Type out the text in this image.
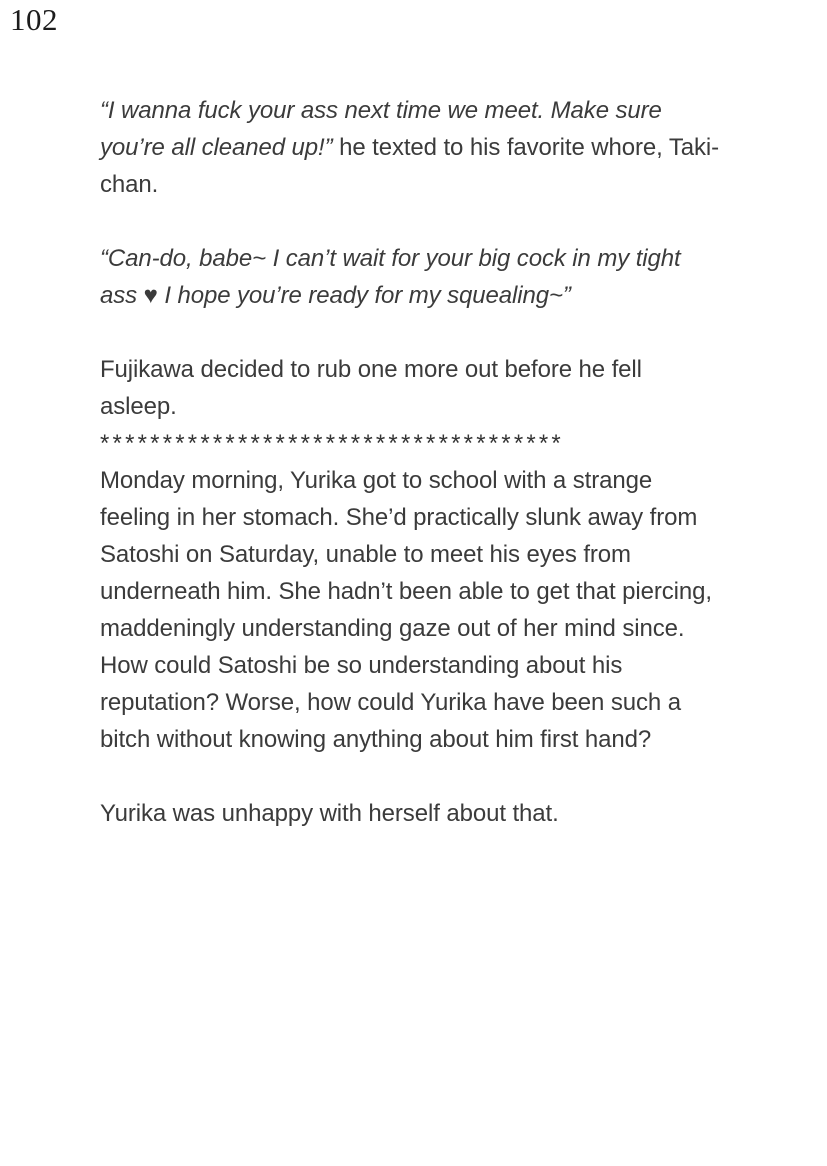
102

“I wanna fuck your ass next time we meet. Make sure you’re all cleaned up!” he texted to his favorite whore, Taki-chan.

“Can-do, babe~ I can’t wait for your big cock in my tight ass ♥ I hope you’re ready for my squealing~”

Fujikawa decided to rub one more out before he fell asleep.

*************************************

Monday morning, Yurika got to school with a strange feeling in her stomach. She’d practically slunk away from Satoshi on Saturday, unable to meet his eyes from underneath him. She hadn’t been able to get that piercing, maddeningly understanding gaze out of her mind since. How could Satoshi be so understanding about his reputation? Worse, how could Yurika have been such a bitch without knowing anything about him first hand?

Yurika was unhappy with herself about that.
